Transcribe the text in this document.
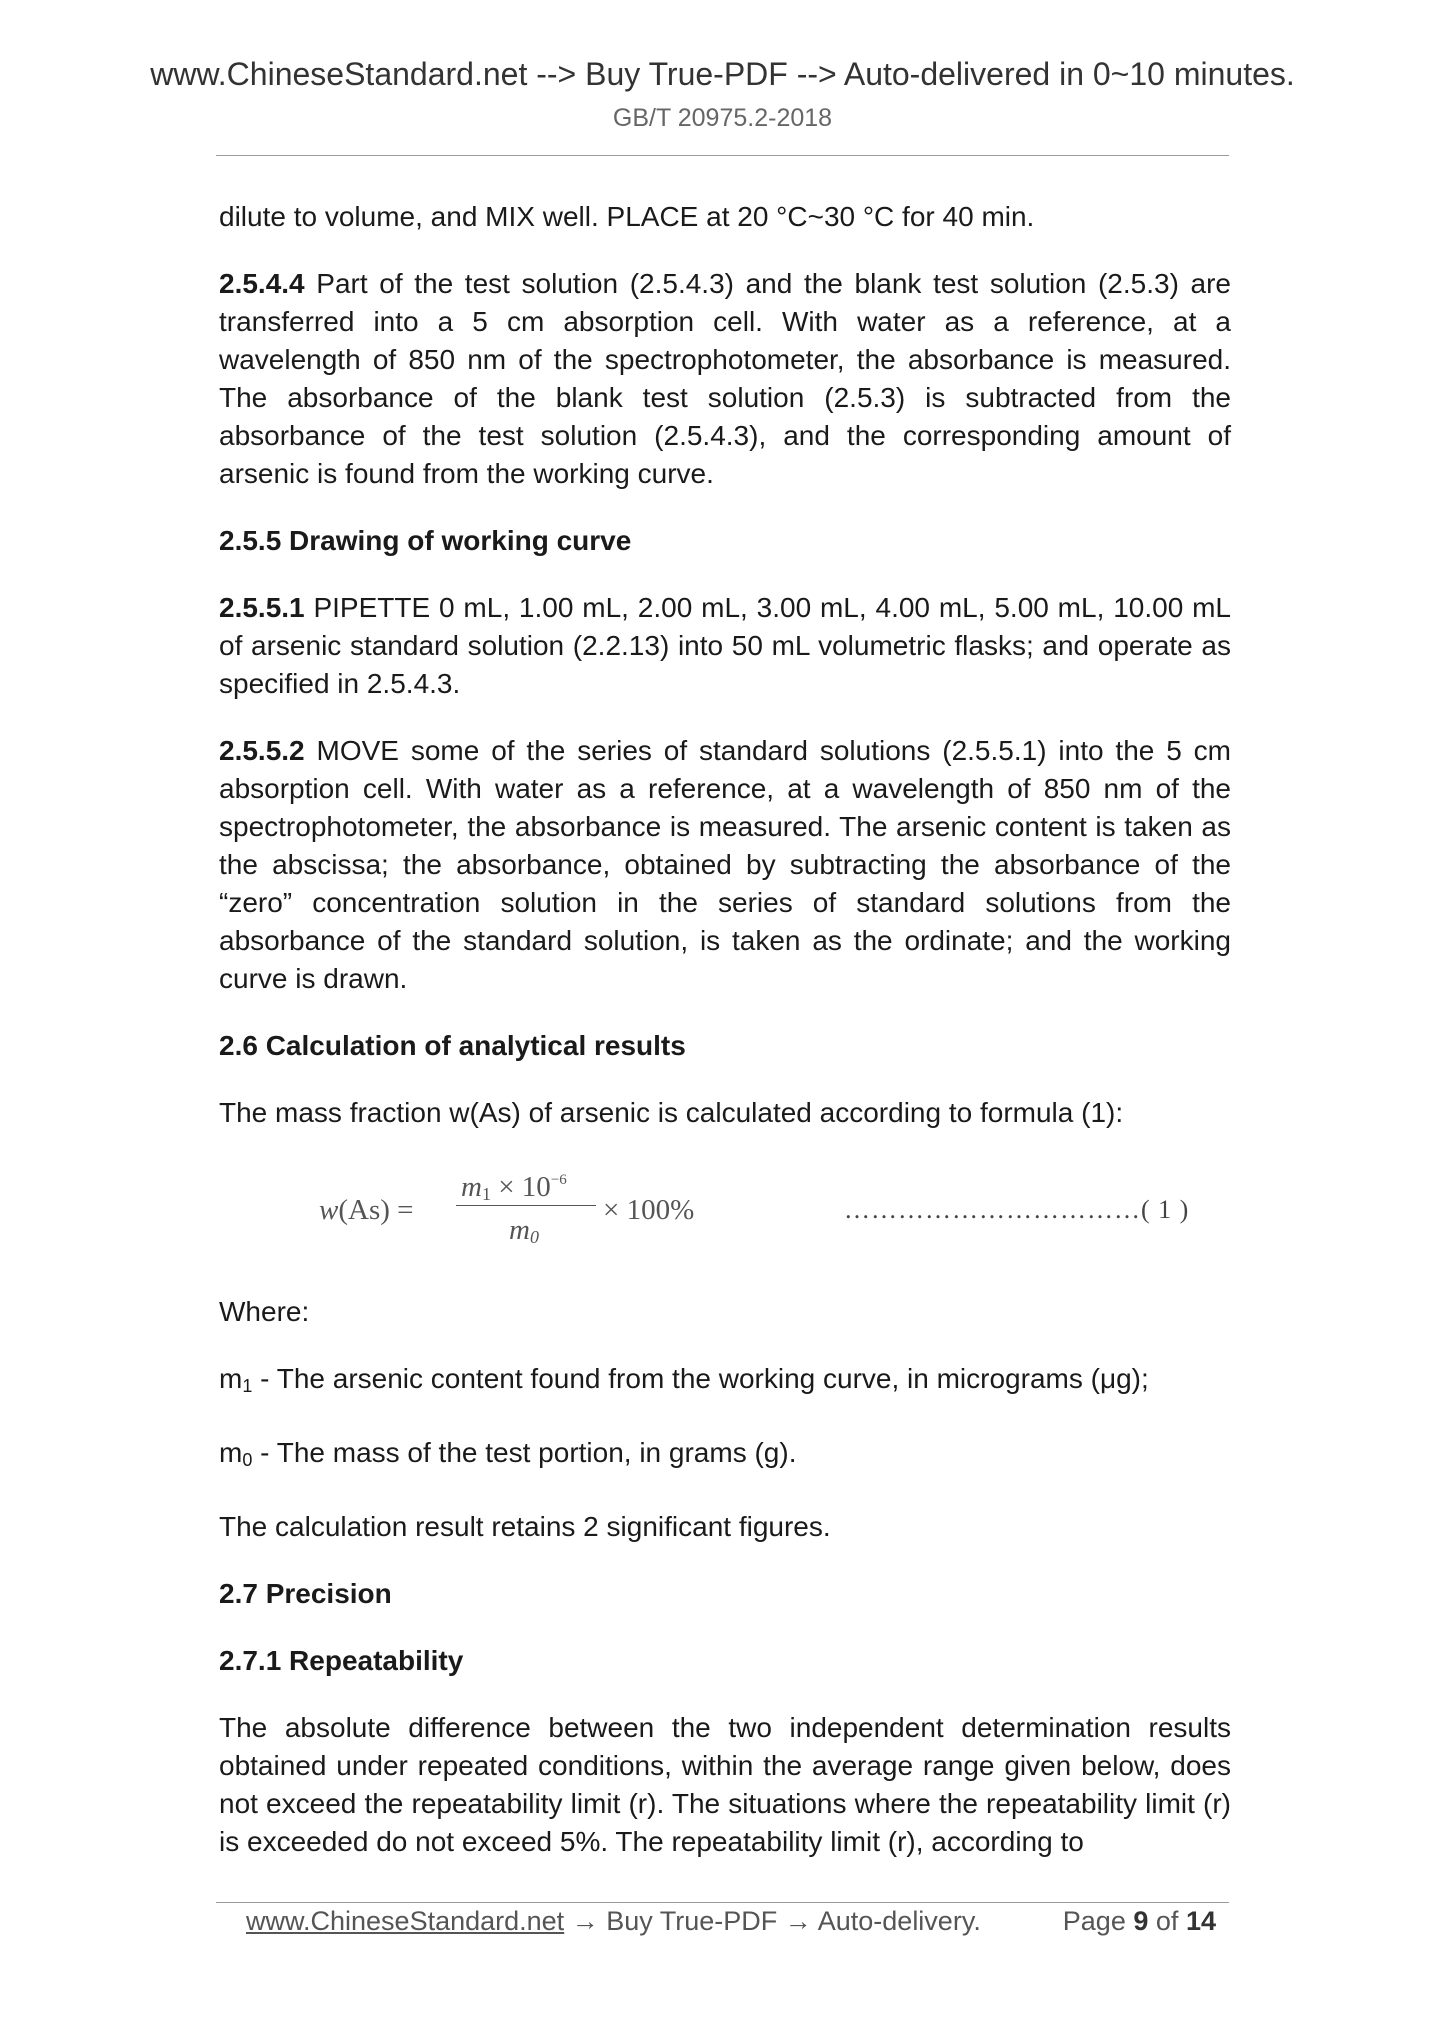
www.ChineseStandard.net --> Buy True-PDF --> Auto-delivered in 0~10 minutes.
GB/T 20975.2-2018

dilute to volume, and MIX well. PLACE at 20 °C~30 °C for 40 min.

2.5.4.4 Part of the test solution (2.5.4.3) and the blank test solution (2.5.3) are transferred into a 5 cm absorption cell. With water as a reference, at a wavelength of 850 nm of the spectrophotometer, the absorbance is measured. The absorbance of the blank test solution (2.5.3) is subtracted from the absorbance of the test solution (2.5.4.3), and the corresponding amount of arsenic is found from the working curve.

2.5.5 Drawing of working curve

2.5.5.1 PIPETTE 0 mL, 1.00 mL, 2.00 mL, 3.00 mL, 4.00 mL, 5.00 mL, 10.00 mL of arsenic standard solution (2.2.13) into 50 mL volumetric flasks; and operate as specified in 2.5.4.3.

2.5.5.2 MOVE some of the series of standard solutions (2.5.5.1) into the 5 cm absorption cell. With water as a reference, at a wavelength of 850 nm of the spectrophotometer, the absorbance is measured. The arsenic content is taken as the abscissa; the absorbance, obtained by subtracting the absorbance of the “zero” concentration solution in the series of standard solutions from the absorbance of the standard solution, is taken as the ordinate; and the working curve is drawn.

2.6 Calculation of analytical results

The mass fraction w(As) of arsenic is calculated according to formula (1):

w(As) =
$m_1 \times 10^{-6}$
$m_0$
× 100%	……………………………( 1 )

Where:

$m_1$ - The arsenic content found from the working curve, in micrograms (μg);

$m_0$ - The mass of the test portion, in grams (g).

The calculation result retains 2 significant figures.

2.7 Precision

2.7.1 Repeatability

The absolute difference between the two independent determination results obtained under repeated conditions, within the average range given below, does not exceed the repeatability limit (r). The situations where the repeatability limit (r) is exceeded do not exceed 5%. The repeatability limit (r), according to

www.ChineseStandard.net → Buy True-PDF → Auto-delivery.	Page 9 of 14
